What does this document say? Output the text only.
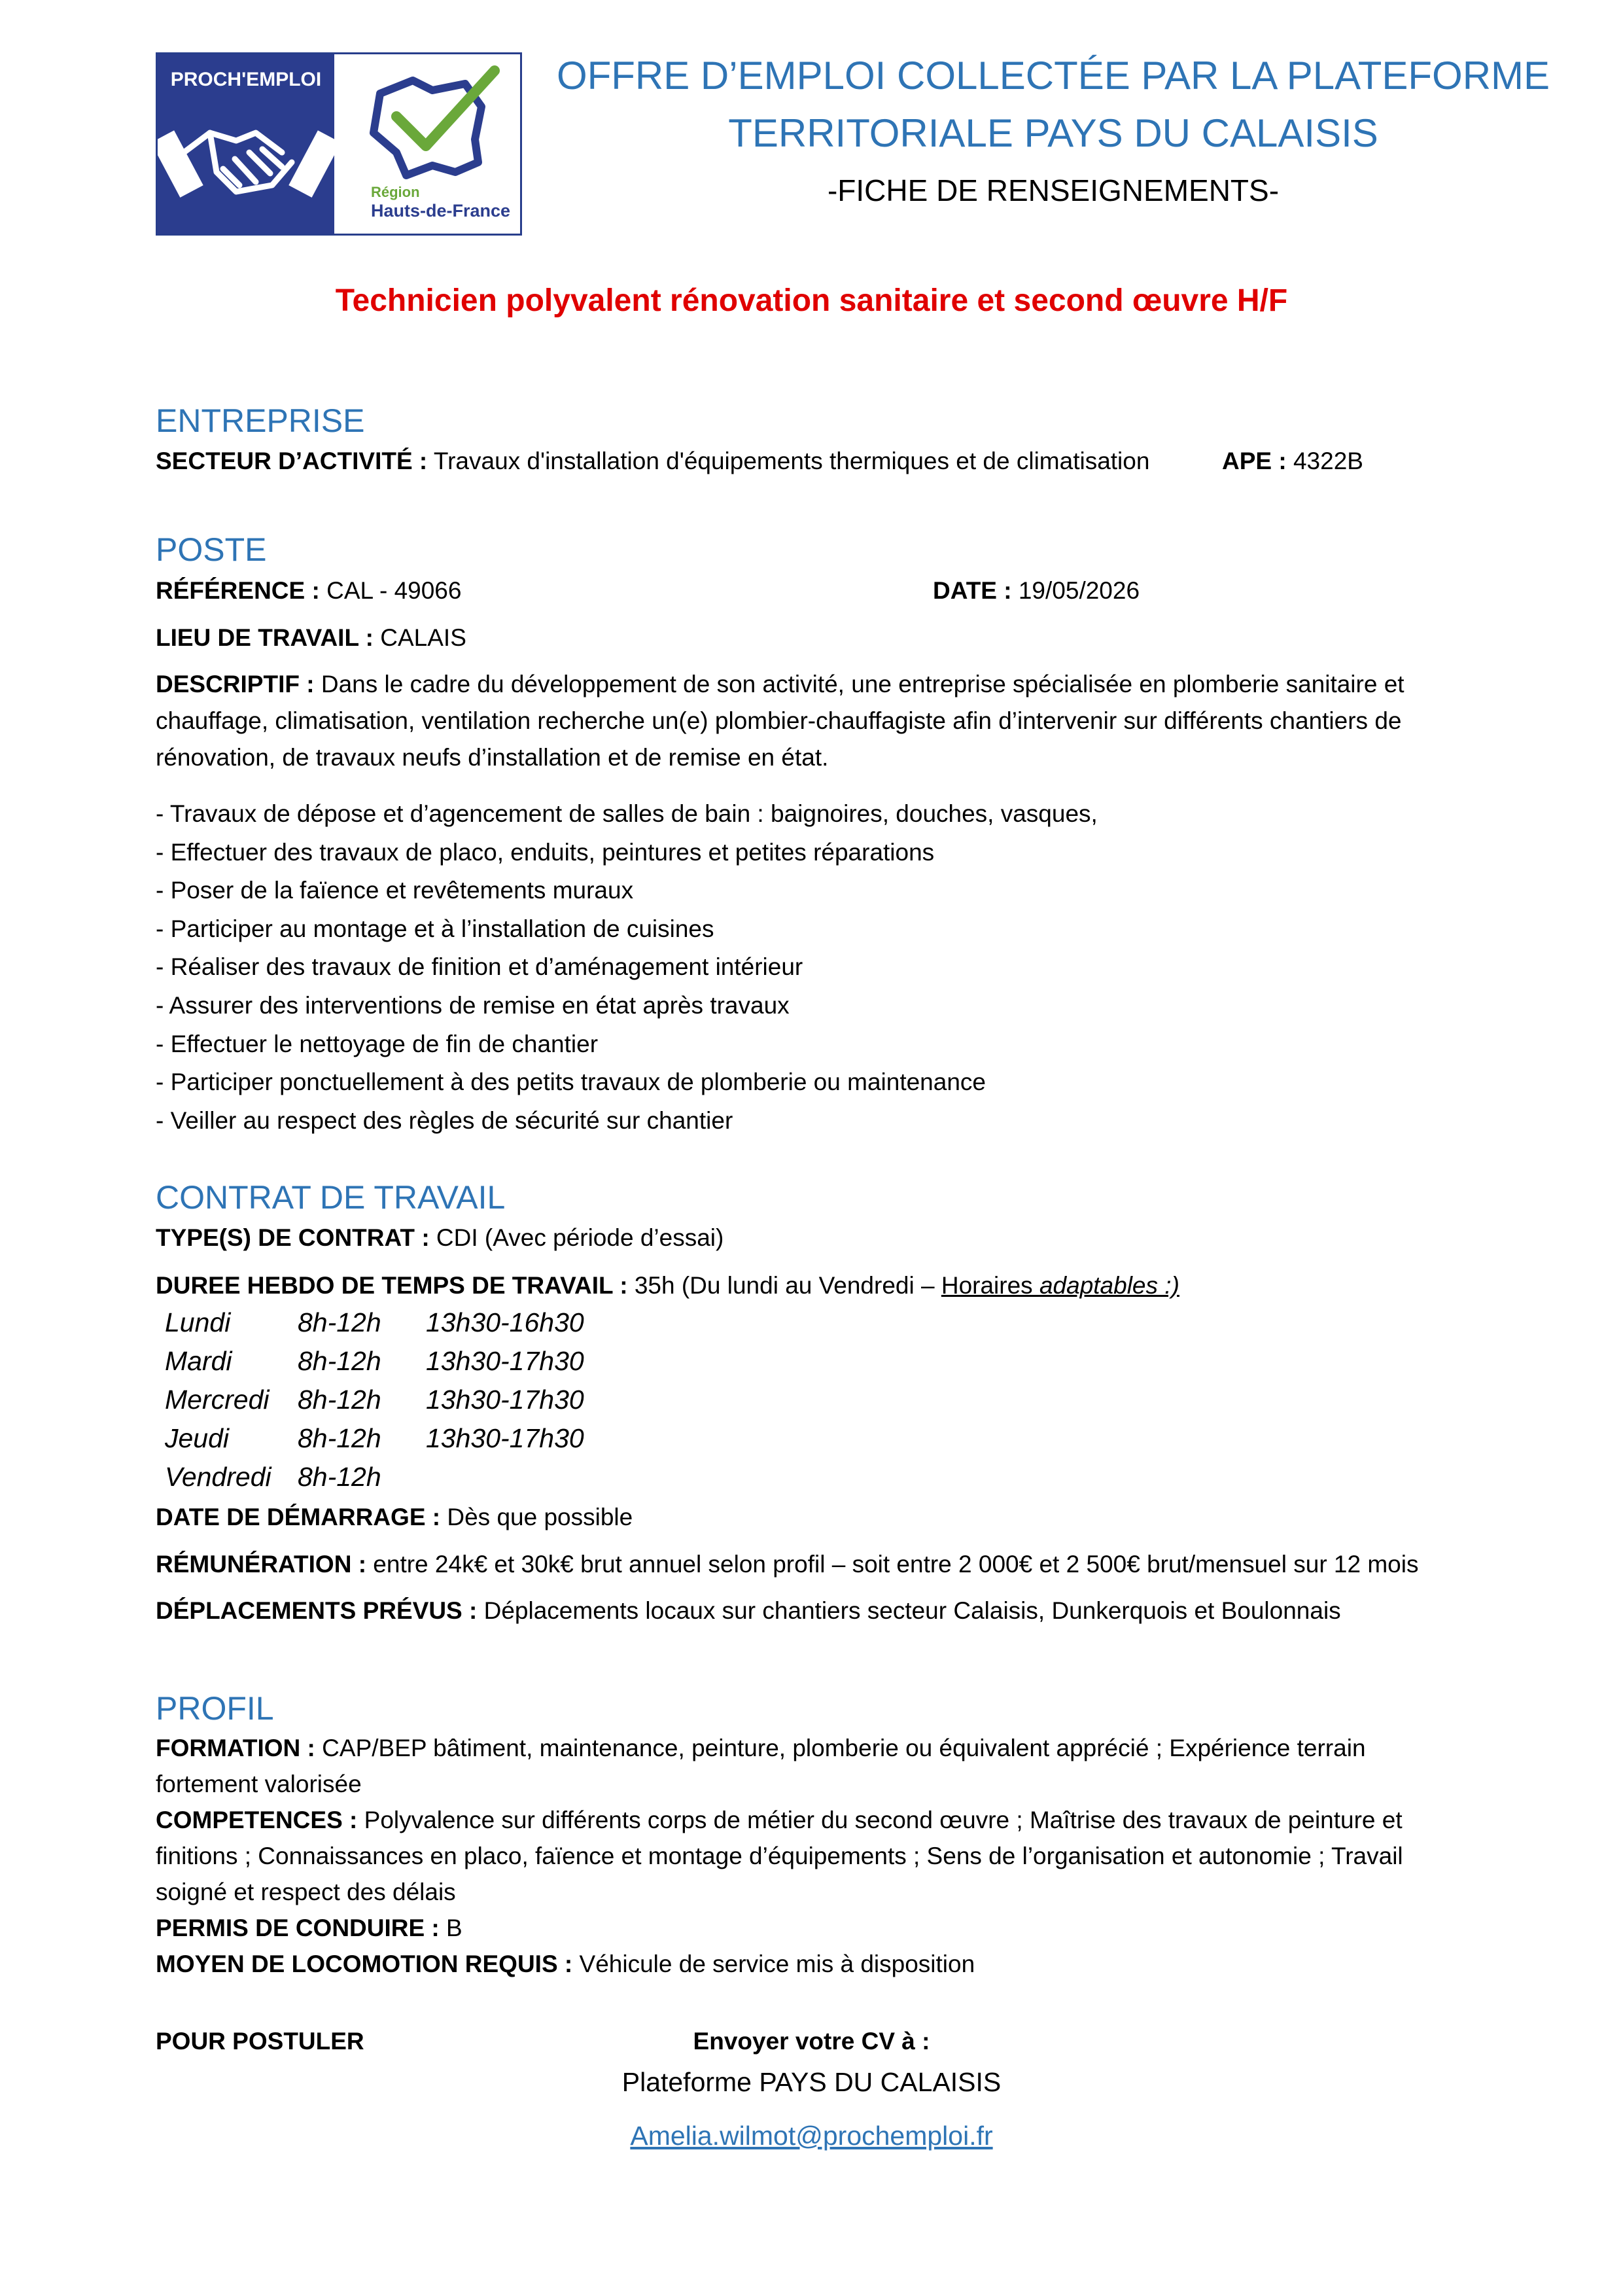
PROCH'EMPLOI
Région
Hauts-de-France
OFFRE D’EMPLOI COLLECTÉE PAR LA PLATEFORME
TERRITORIALE PAYS DU CALAISIS
-FICHE DE RENSEIGNEMENTS-
Technicien polyvalent rénovation sanitaire et second œuvre H/F
ENTREPRISE
SECTEUR D’ACTIVITÉ : Travaux d'installation d'équipements thermiques et de climatisation	APE : 4322B
POSTE
RÉFÉRENCE : CAL - 49066	DATE : 19/05/2026
LIEU DE TRAVAIL : CALAIS
DESCRIPTIF : Dans le cadre du développement de son activité, une entreprise spécialisée en plomberie sanitaire et chauffage, climatisation, ventilation recherche un(e) plombier-chauffagiste afin d’intervenir sur différents chantiers de rénovation, de travaux neufs d’installation et de remise en état.
- Travaux de dépose et d’agencement de salles de bain : baignoires, douches, vasques,
- Effectuer des travaux de placo, enduits, peintures et petites réparations
- Poser de la faïence et revêtements muraux
- Participer au montage et à l’installation de cuisines
- Réaliser des travaux de finition et d’aménagement intérieur
- Assurer des interventions de remise en état après travaux
- Effectuer le nettoyage de fin de chantier
- Participer ponctuellement à des petits travaux de plomberie ou maintenance
- Veiller au respect des règles de sécurité sur chantier
CONTRAT DE TRAVAIL
TYPE(S) DE CONTRAT : CDI (Avec période d’essai)
DUREE HEBDO DE TEMPS DE TRAVAIL : 35h (Du lundi au Vendredi – Horaires adaptables :)
Lundi	8h-12h	13h30-16h30
Mardi	8h-12h	13h30-17h30
Mercredi	8h-12h	13h30-17h30
Jeudi	8h-12h	13h30-17h30
Vendredi	8h-12h	
DATE DE DÉMARRAGE : Dès que possible
RÉMUNÉRATION : entre 24k€ et 30k€ brut annuel selon profil – soit entre 2 000€ et 2 500€ brut/mensuel sur 12 mois
DÉPLACEMENTS PRÉVUS : Déplacements locaux sur chantiers secteur Calaisis, Dunkerquois et Boulonnais
PROFIL
FORMATION : CAP/BEP bâtiment, maintenance, peinture, plomberie ou équivalent apprécié ; Expérience terrain fortement valorisée
COMPETENCES : Polyvalence sur différents corps de métier du second œuvre ; Maîtrise des travaux de peinture et finitions ; Connaissances en placo, faïence et montage d’équipements ; Sens de l’organisation et autonomie ; Travail soigné et respect des délais
PERMIS DE CONDUIRE : B
MOYEN DE LOCOMOTION REQUIS : Véhicule de service mis à disposition
POUR POSTULER	Envoyer votre CV à :
Plateforme PAYS DU CALAISIS
Amelia.wilmot@prochemploi.fr
